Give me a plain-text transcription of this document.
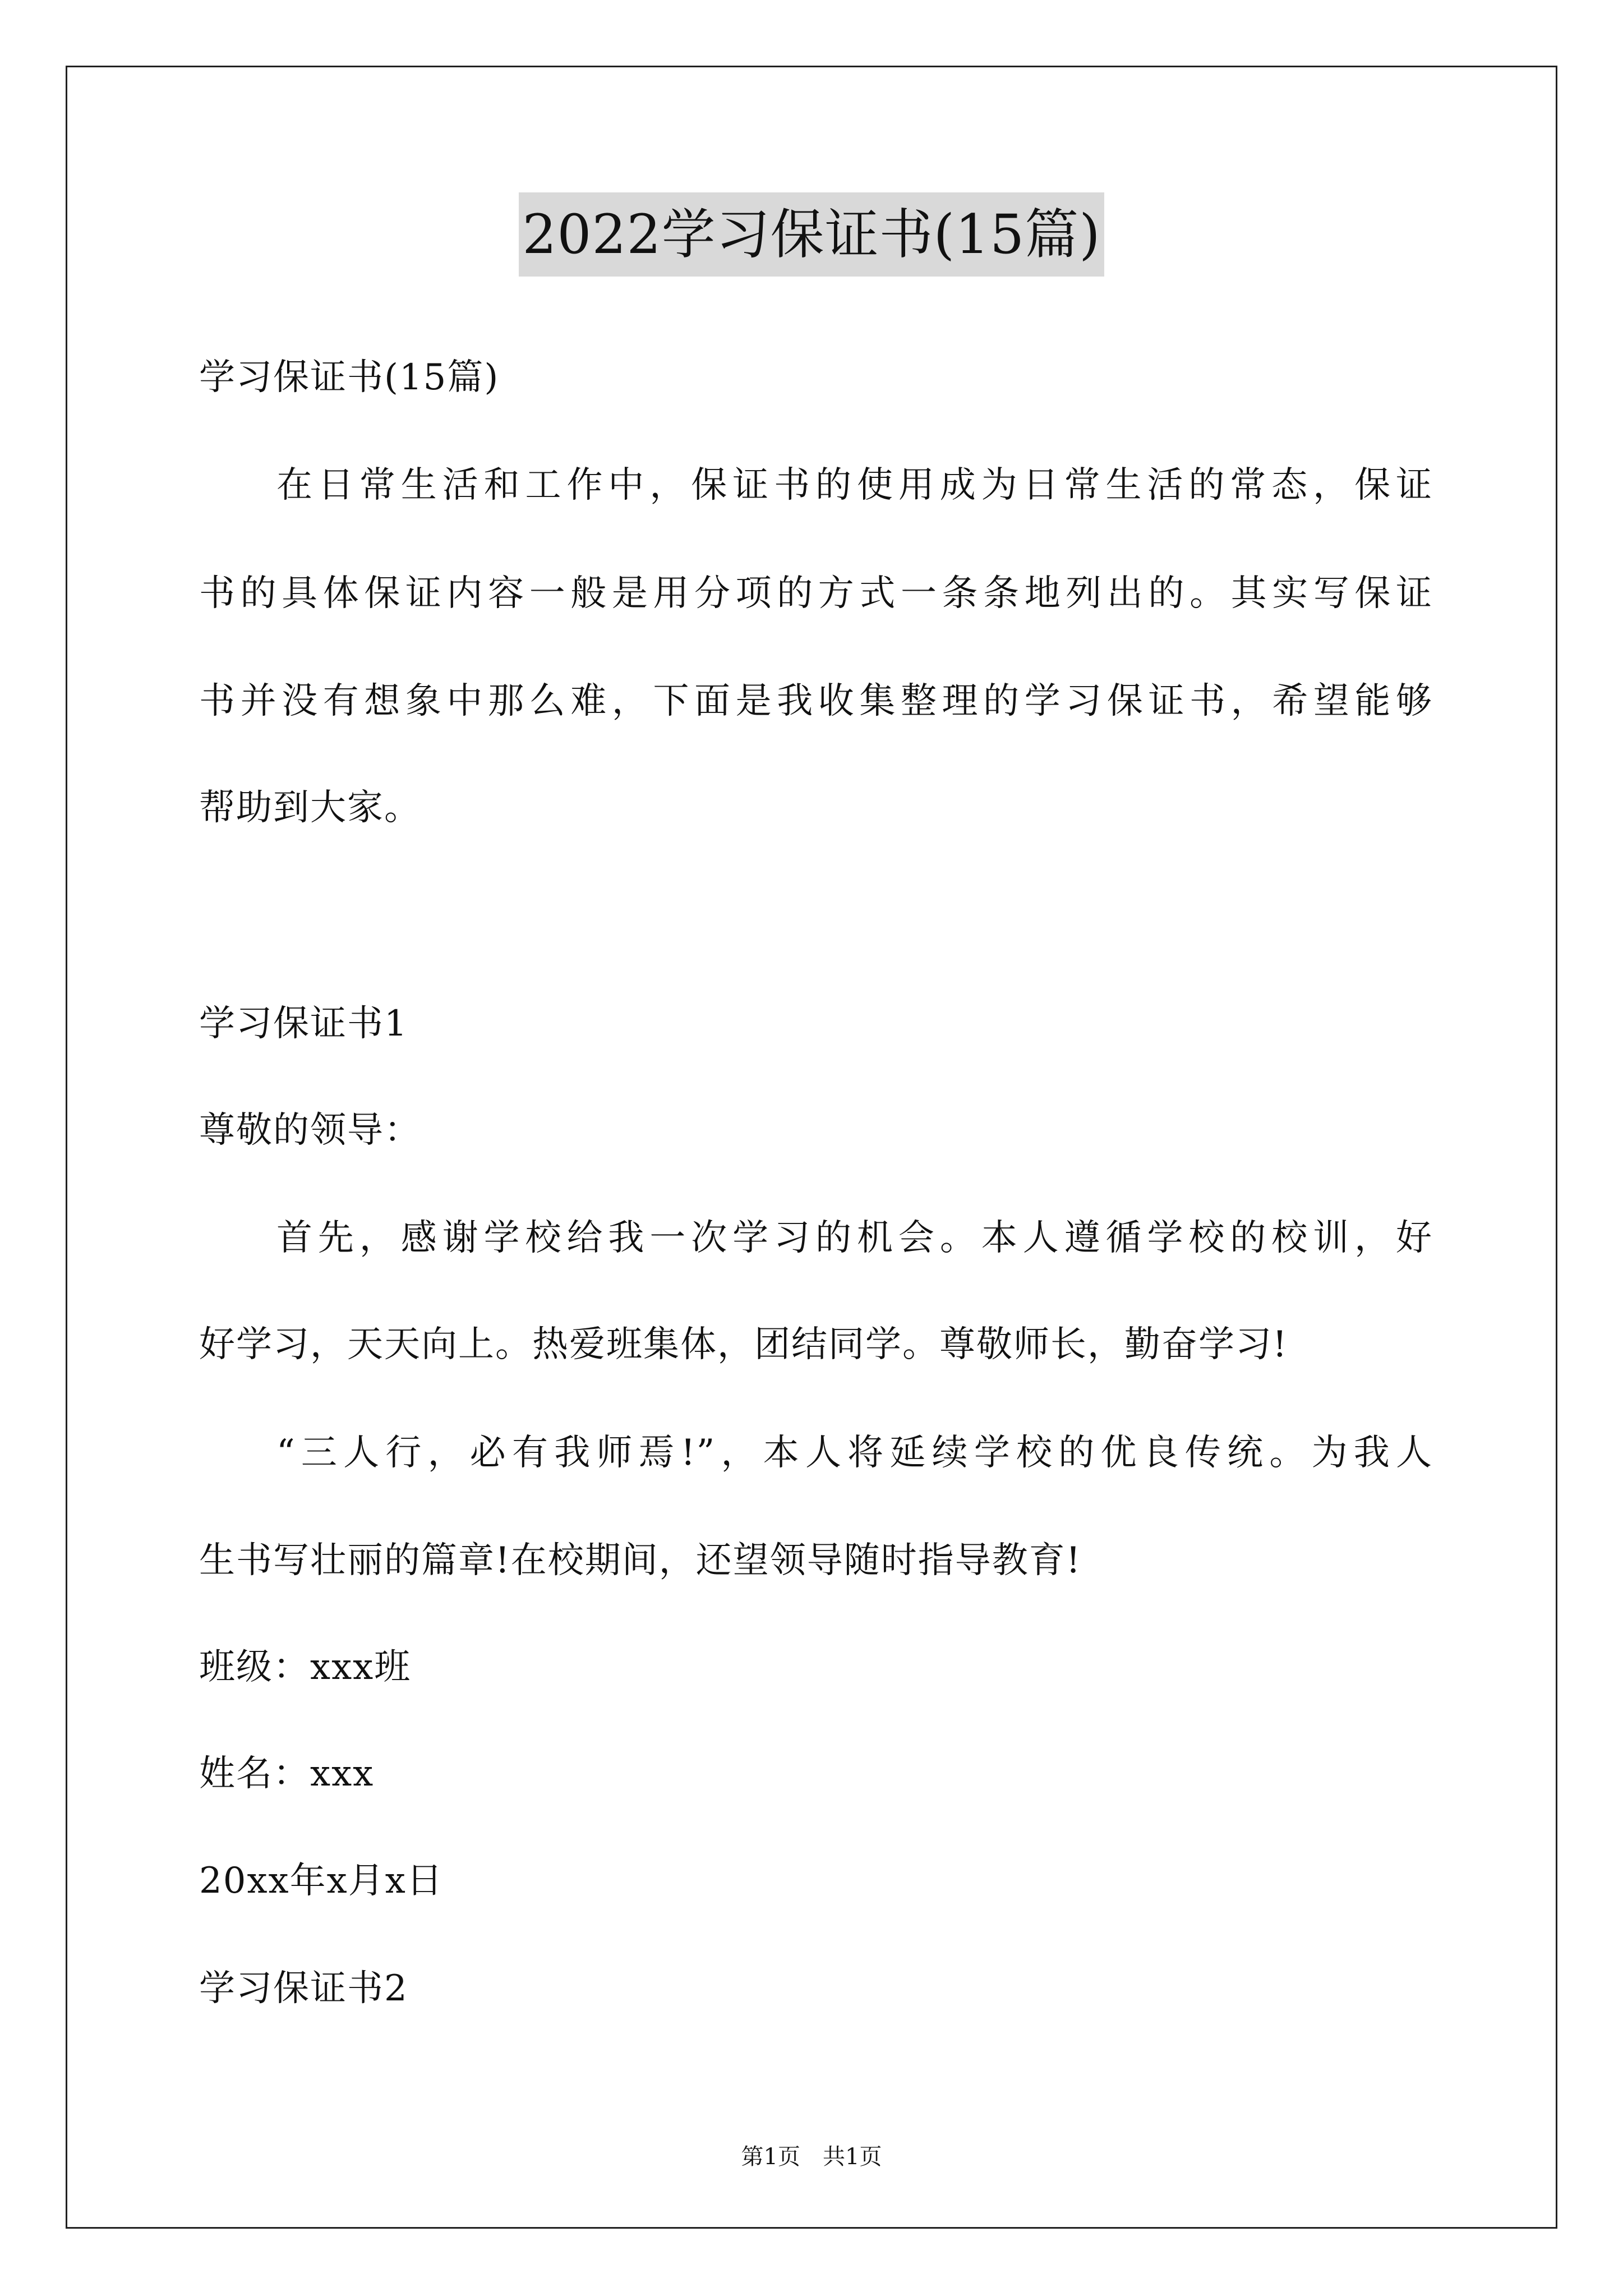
2022学习保证书(15篇)
学习保证书(15篇)
在日常生活和工作中，保证书的使用成为日常生活的常态，保证
书的具体保证内容一般是用分项的方式一条条地列出的。其实写保证
书并没有想象中那么难，下面是我收集整理的学习保证书，希望能够
帮助到大家。
学习保证书1
尊敬的领导：
首先，感谢学校给我一次学习的机会。本人遵循学校的校训，好
好学习，天天向上。热爱班集体，团结同学。尊敬师长，勤奋学习!
“三人行，必有我师焉!”，本人将延续学校的优良传统。为我人
生书写壮丽的篇章!在校期间，还望领导随时指导教育!
班级：xxx班
姓名：xxx
20xx年x月x日
学习保证书2
第1页　共1页
